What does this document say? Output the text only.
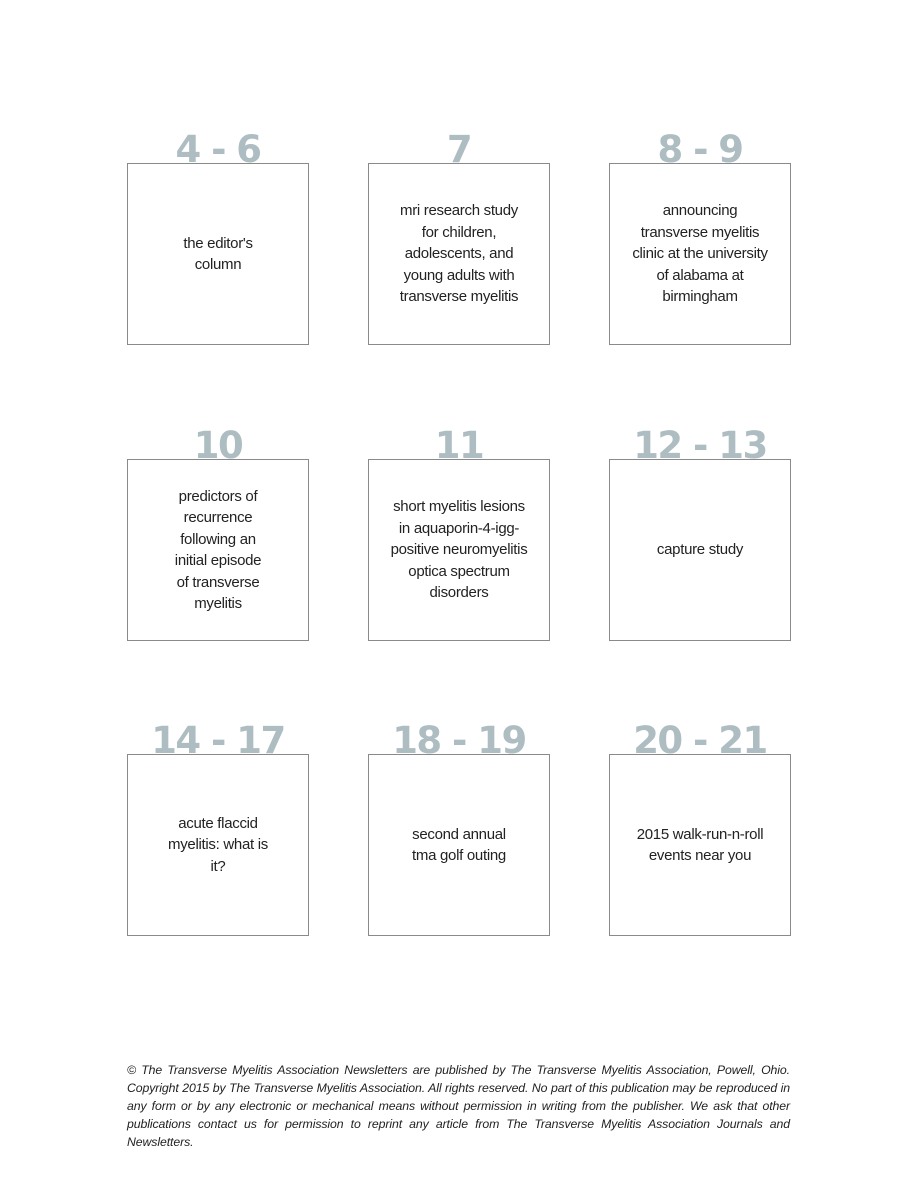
the editor's
column
4 - 6
mri research study for children, adolescents, and young adults with transverse myelitis
7
announcing transverse myelitis clinic at the university of alabama at birmingham
8 - 9
predictors of recurrence following an initial episode of transverse myelitis
10
short myelitis lesions in aquaporin-4-igg-positive neuromyelitis optica spectrum disorders
11
capture study
12 - 13
acute flaccid myelitis: what is it?
14 - 17
second annual tma golf outing
18 - 19
2015 walk-run-n-roll events near you
20 - 21
© The Transverse Myelitis Association Newsletters are published by The Transverse Myelitis Association, Powell, Ohio. Copyright 2015 by The Transverse Myelitis Association. All rights reserved. No part of this publication may be reproduced in any form or by any electronic or mechanical means without permission in writing from the publisher. We ask that other publications contact us for permission to reprint any article from The Transverse Myelitis Association Journals and Newsletters.
